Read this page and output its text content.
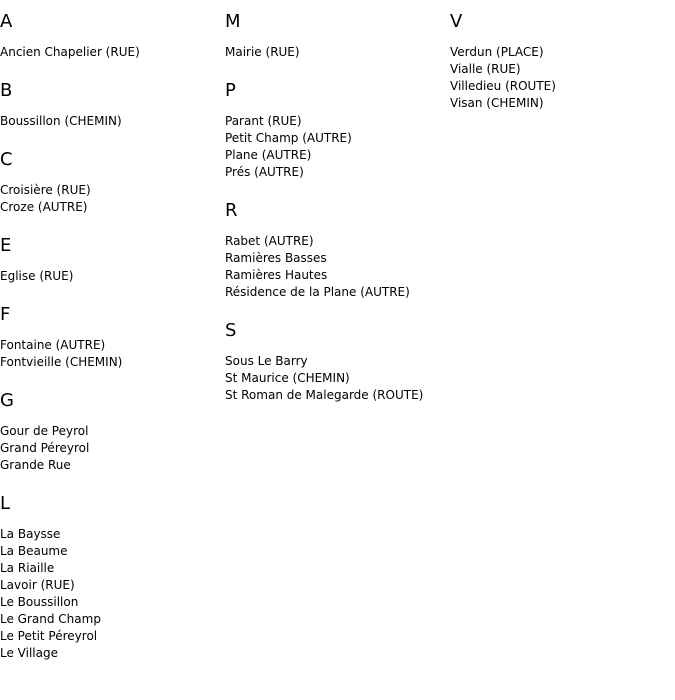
A
Ancien Chapelier (RUE)
B
Boussillon (CHEMIN)
C
Croisière (RUE)
Croze (AUTRE)
E
Eglise (RUE)
F
Fontaine (AUTRE)
Fontvieille (CHEMIN)
G
Gour de Peyrol
Grand Péreyrol
Grande Rue
L
La Baysse
La Beaume
La Riaille
Lavoir (RUE)
Le Boussillon
Le Grand Champ
Le Petit Péreyrol
Le Village
M
Mairie (RUE)
P
Parant (RUE)
Petit Champ (AUTRE)
Plane (AUTRE)
Prés (AUTRE)
R
Rabet (AUTRE)
Ramières Basses
Ramières Hautes
Résidence de la Plane (AUTRE)
S
Sous Le Barry
St Maurice (CHEMIN)
St Roman de Malegarde (ROUTE)
V
Verdun (PLACE)
Vialle (RUE)
Villedieu (ROUTE)
Visan (CHEMIN)
